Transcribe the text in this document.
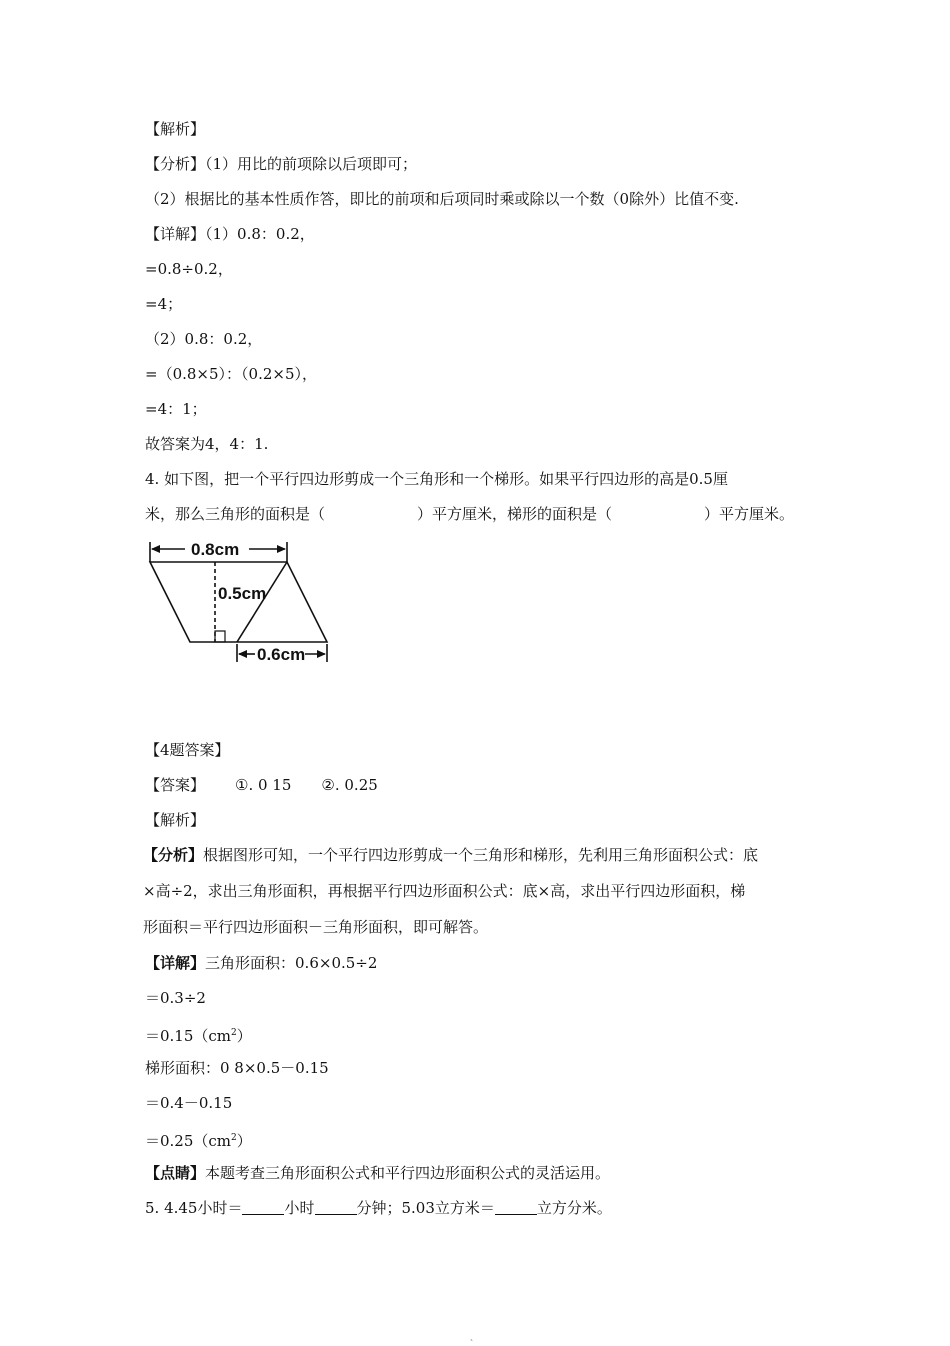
【解析】
【分析】（1）用比的前项除以后项即可；
（2）根据比的基本性质作答，即比的前项和后项同时乘或除以一个数（0除外）比值不变.
【详解】（1）0.8：0.2，
=0.8÷0.2，
=4；
（2）0.8：0.2，
=（0.8×5）：（0.2×5），
=4：1；
故答案为4，4：1.
4. 如下图，把一个平行四边形剪成一个三角形和一个梯形。如果平行四边形的高是0.5厘
米，那么三角形的面积是（	）平方厘米，梯形的面积是（	）平方厘米。
0.8cm
0.5cm
0.6cm
【4题答案】
【答案】 ①. 0 15 ②. 0.25
【解析】
【分析】根据图形可知，一个平行四边形剪成一个三角形和梯形，先利用三角形面积公式：底
×高÷2，求出三角形面积，再根据平行四边形面积公式：底×高，求出平行四边形面积，梯
形面积＝平行四边形面积－三角形面积，即可解答。
【详解】三角形面积：0.6×0.5÷2
＝0.3÷2
$=0.15(cm^2)$
梯形面积：0 8×0.5－0.15
＝0.4－0.15
$=0.25(cm^2)$
【点睛】本题考查三角形面积公式和平行四边形面积公式的灵活运用。
5. 4.45小时＝	小时	分钟；5.03立方米＝	立方分米。
、
